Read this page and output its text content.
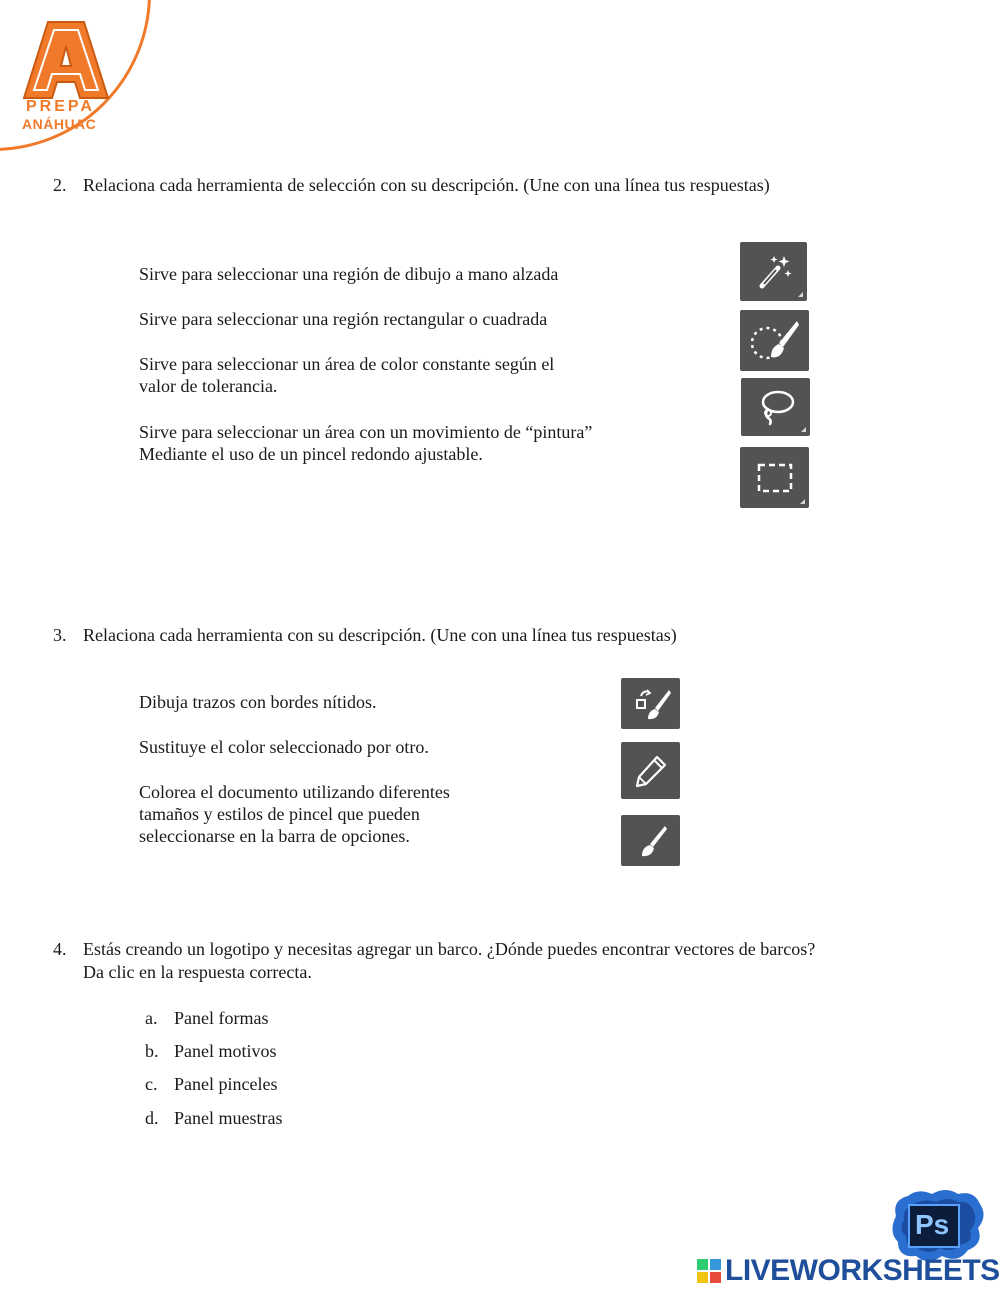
PREPA
ANÁHUAC
2. Relaciona cada herramienta de selección con su descripción. (Une con una línea tus respuestas)
Sirve para seleccionar una región de dibujo a mano alzada
Sirve para seleccionar una región rectangular o cuadrada
Sirve para seleccionar un área de color constante según el
valor de tolerancia.
Sirve para seleccionar un área con un movimiento de “pintura”
Mediante el uso de un pincel redondo ajustable.
3. Relaciona cada herramienta con su descripción. (Une con una línea tus respuestas)
Dibuja trazos con bordes nítidos.
Sustituye el color seleccionado por otro.
Colorea el documento utilizando diferentes
tamaños y estilos de pincel que pueden
seleccionarse en la barra de opciones.
4. Estás creando un logotipo y necesitas agregar un barco. ¿Dónde puedes encontrar vectores de barcos?
Da clic en la respuesta correcta.
a. Panel formas
b. Panel motivos
c. Panel pinceles
d. Panel muestras
Ps
LIVEWORKSHEETS
